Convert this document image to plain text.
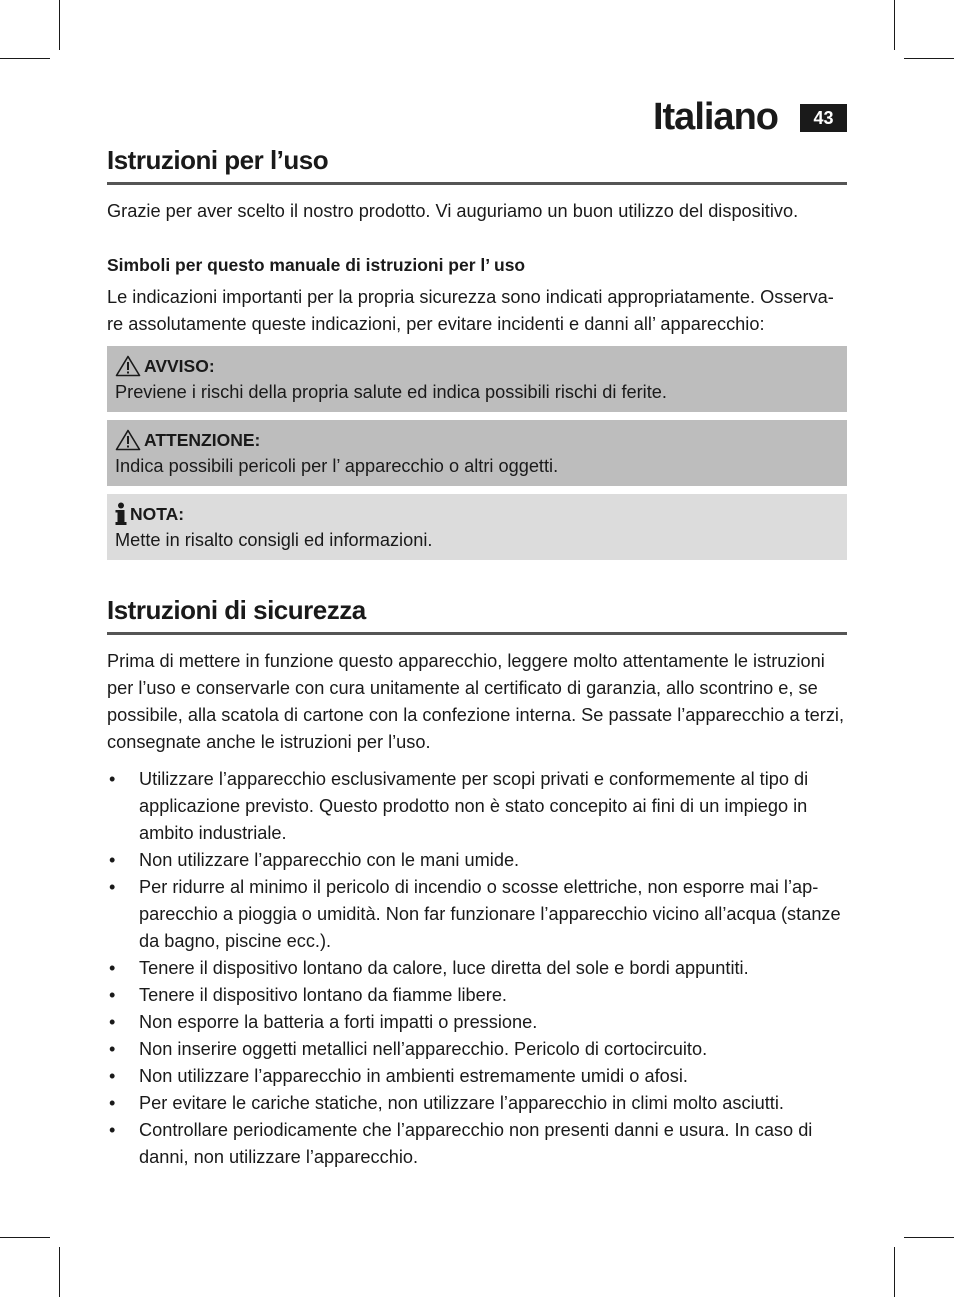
Italiano	43
Istruzioni per l’uso

Grazie per aver scelto il nostro prodotto. Vi auguriamo un buon utilizzo del dispositivo.

Simboli per questo manuale di istruzioni per l’ uso

Le indicazioni importanti per la propria sicurezza sono indicati appropriatamente. Osserva-re assolutamente queste indicazioni, per evitare incidenti e danni all’ apparecchio:

AVVISO:
Previene i rischi della propria salute ed indica possibili rischi di ferite.
ATTENZIONE:
Indica possibili pericoli per l’ apparecchio o altri oggetti.
NOTA:
Mette in risalto consigli ed informazioni.
Istruzioni di sicurezza

Prima di mettere in funzione questo apparecchio, leggere molto attentamente le istruzioni per l’uso e conservarle con cura unitamente al certificato di garanzia, allo scontrino e, se possibile, alla scatola di cartone con la confezione interna. Se passate l’apparecchio a terzi, consegnate anche le istruzioni per l’uso.

• Utilizzare l’apparecchio esclusivamente per scopi privati e conformemente al tipo di applicazione previsto. Questo prodotto non è stato concepito ai fini di un impiego in ambito industriale.
• Non utilizzare l’apparecchio con le mani umide.
• Per ridurre al minimo il pericolo di incendio o scosse elettriche, non esporre mai l’ap-parecchio a pioggia o umidità. Non far funzionare l’apparecchio vicino all’acqua (stanze da bagno, piscine ecc.).
• Tenere il dispositivo lontano da calore, luce diretta del sole e bordi appuntiti.
• Tenere il dispositivo lontano da fiamme libere.
• Non esporre la batteria a forti impatti o pressione.
• Non inserire oggetti metallici nell’apparecchio. Pericolo di cortocircuito.
• Non utilizzare l’apparecchio in ambienti estremamente umidi o afosi.
• Per evitare le cariche statiche, non utilizzare l’apparecchio in climi molto asciutti.
• Controllare periodicamente che l’apparecchio non presenti danni e usura. In caso di danni, non utilizzare l’apparecchio.
